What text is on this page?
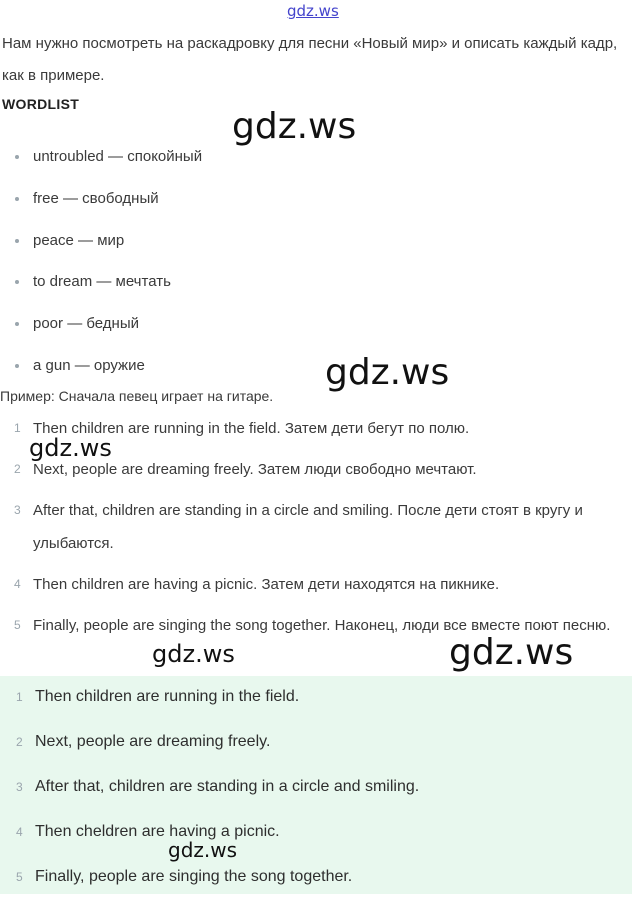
gdz.ws
Нам нужно посмотреть на раскадровку для песни «Новый мир» и описать каждый кадр, как в примере.
WORDLIST
untroubled — спокойный
free — свободный
peace — мир
to dream — мечтать
poor — бедный
a gun — оружие
Пример: Сначала певец играет на гитаре.
1 Then children are running in the field. Затем дети бегут по полю.
2 Next, people are dreaming freely. Затем люди свободно мечтают.
3 After that, children are standing in a circle and smiling. После дети стоят в кругу и улыбаются.
4 Then children are having a picnic. Затем дети находятся на пикнике.
5 Finally, people are singing the song together. Наконец, люди все вместе поют песню.
1 Then children are running in the field.
2 Next, people are dreaming freely.
3 After that, children are standing in a circle and smiling.
4 Then cheldren are having a picnic.
5 Finally, people are singing the song together.
gdz.ws
gdz.ws
gdz.ws
gdz.ws	gdz.ws
gdz.ws
